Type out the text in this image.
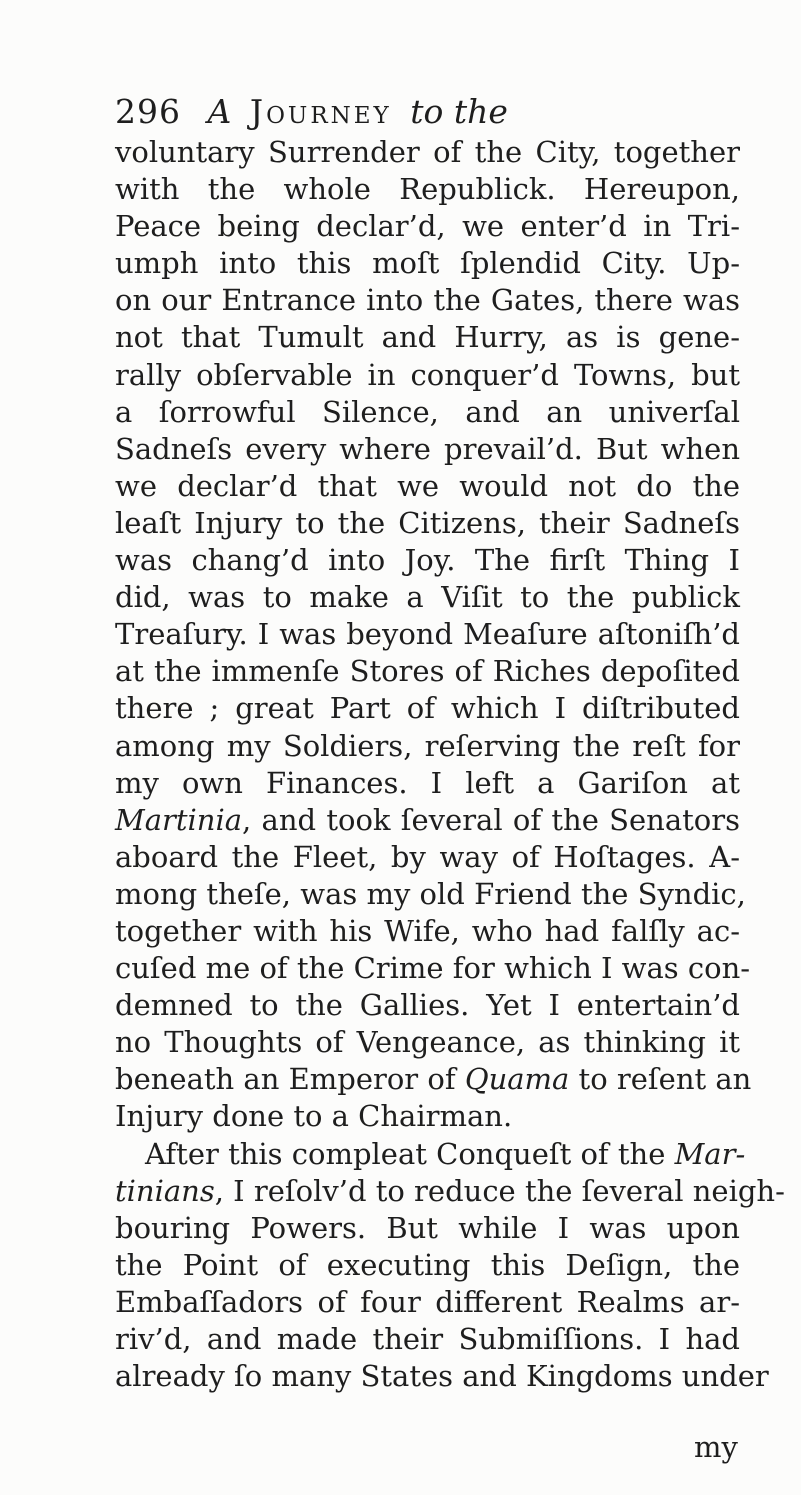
296 A Journey to the
voluntary Surrender of the City, together
with the whole Republick. Hereupon,
Peace being declar’d, we enter’d in Tri-
umph into this moſt ſplendid City. Up-
on our Entrance into the Gates, there was
not that Tumult and Hurry, as is gene-
rally obſervable in conquer’d Towns, but
a ſorrowful Silence, and an univerſal
Sadneſs every where prevail’d. But when
we declar’d that we would not do the
leaſt Injury to the Citizens, their Sadneſs
was chang’d into Joy. The firſt Thing I
did, was to make a Viſit to the publick
Treaſury. I was beyond Meaſure aſtoniſh’d
at the immenſe Stores of Riches depoſited
there ; great Part of which I diſtributed
among my Soldiers, reſerving the reſt for
my own Finances. I left a Gariſon at
Martinia, and took ſeveral of the Senators
aboard the Fleet, by way of Hoſtages. A-
mong theſe, was my old Friend the Syndic,
together with his Wife, who had falſly ac-
cuſed me of the Crime for which I was con-
demned to the Gallies. Yet I entertain’d
no Thoughts of Vengeance, as thinking it
beneath an Emperor of Quama to reſent an
Injury done to a Chairman.
After this compleat Conqueſt of the Mar-
tinians, I reſolv’d to reduce the ſeveral neigh-
bouring Powers. But while I was upon
the Point of executing this Deſign, the
Embaſſadors of four different Realms ar-
riv’d, and made their Submiſſions. I had
already ſo many States and Kingdoms under
my
